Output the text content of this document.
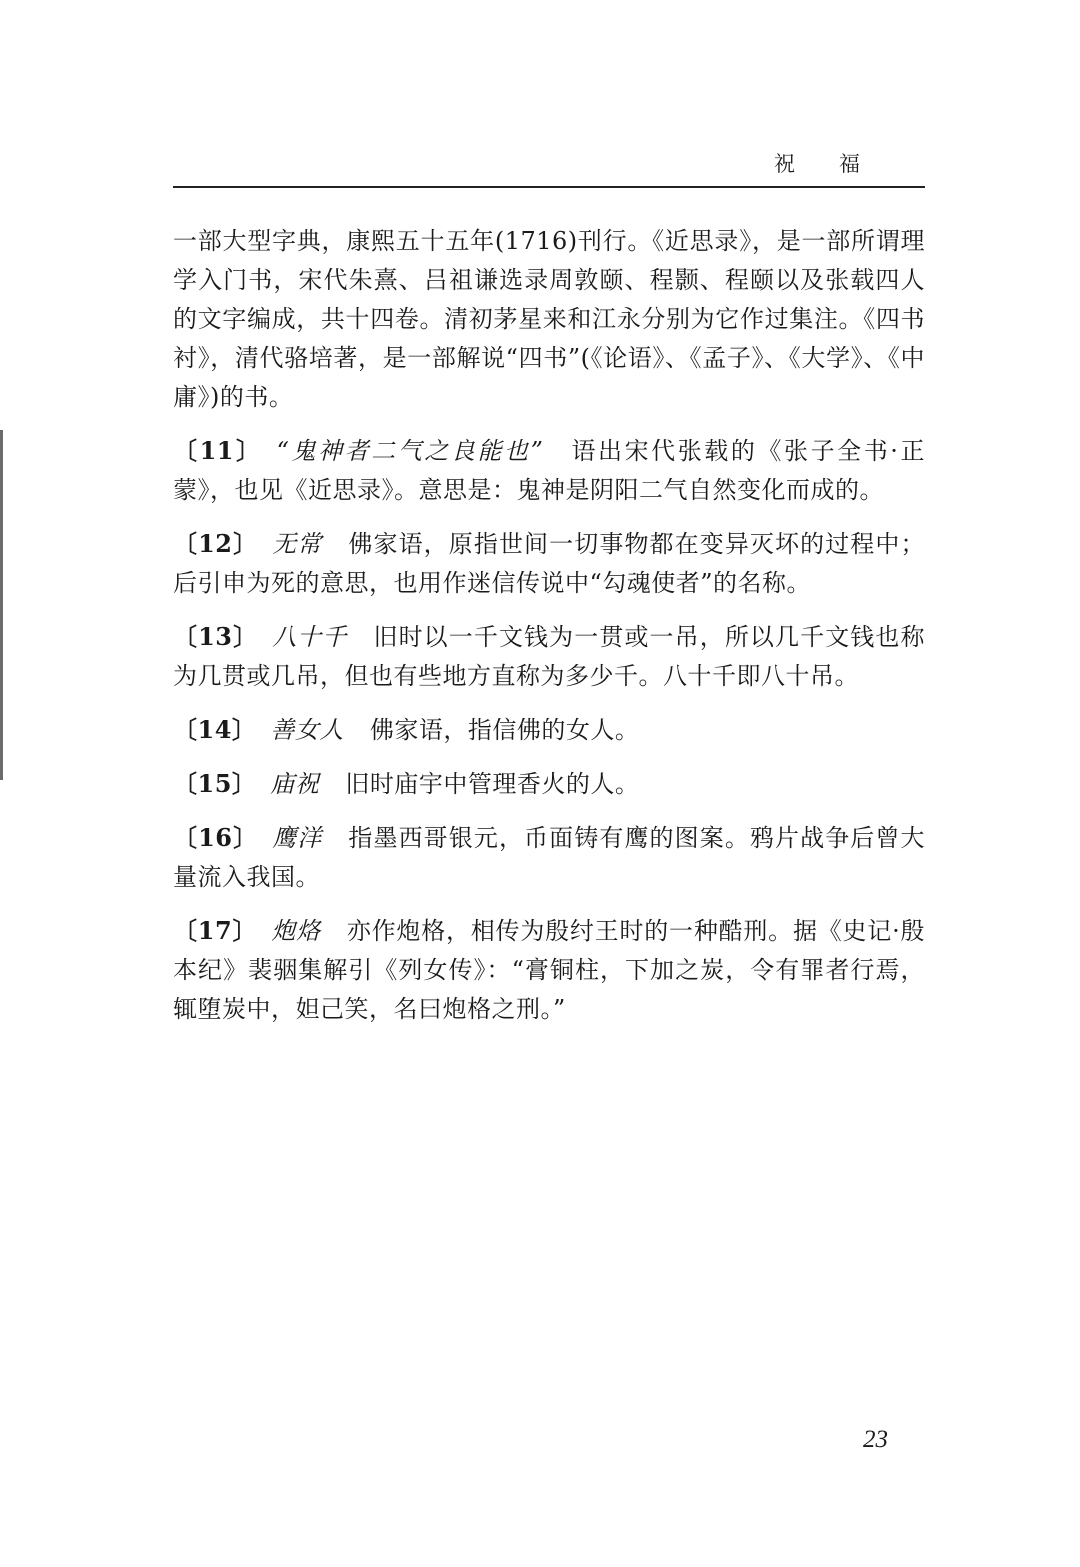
祝福

一部大型字典，康熙五十五年(1716)刊行。《近思录》，是一部所谓理学入门书，宋代朱熹、吕祖谦选录周敦颐、程颢、程颐以及张载四人的文字编成，共十四卷。清初茅星来和江永分别为它作过集注。《四书衬》，清代骆培著，是一部解说“四书”(《论语》、《孟子》、《大学》、《中庸》)的书。

〔11〕 “鬼神者二气之良能也” 语出宋代张载的《张子全书·正蒙》，也见《近思录》。意思是：鬼神是阴阳二气自然变化而成的。

〔12〕 无常 佛家语，原指世间一切事物都在变异灭坏的过程中；后引申为死的意思，也用作迷信传说中“勾魂使者”的名称。

〔13〕 八十千 旧时以一千文钱为一贯或一吊，所以几千文钱也称为几贯或几吊，但也有些地方直称为多少千。八十千即八十吊。

〔14〕 善女人 佛家语，指信佛的女人。

〔15〕 庙祝 旧时庙宇中管理香火的人。

〔16〕 鹰洋 指墨西哥银元，币面铸有鹰的图案。鸦片战争后曾大量流入我国。

〔17〕 炮烙 亦作炮格，相传为殷纣王时的一种酷刑。据《史记·殷本纪》裴骃集解引《列女传》：“膏铜柱，下加之炭，令有罪者行焉，辄堕炭中，妲己笑，名曰炮格之刑。”

23
